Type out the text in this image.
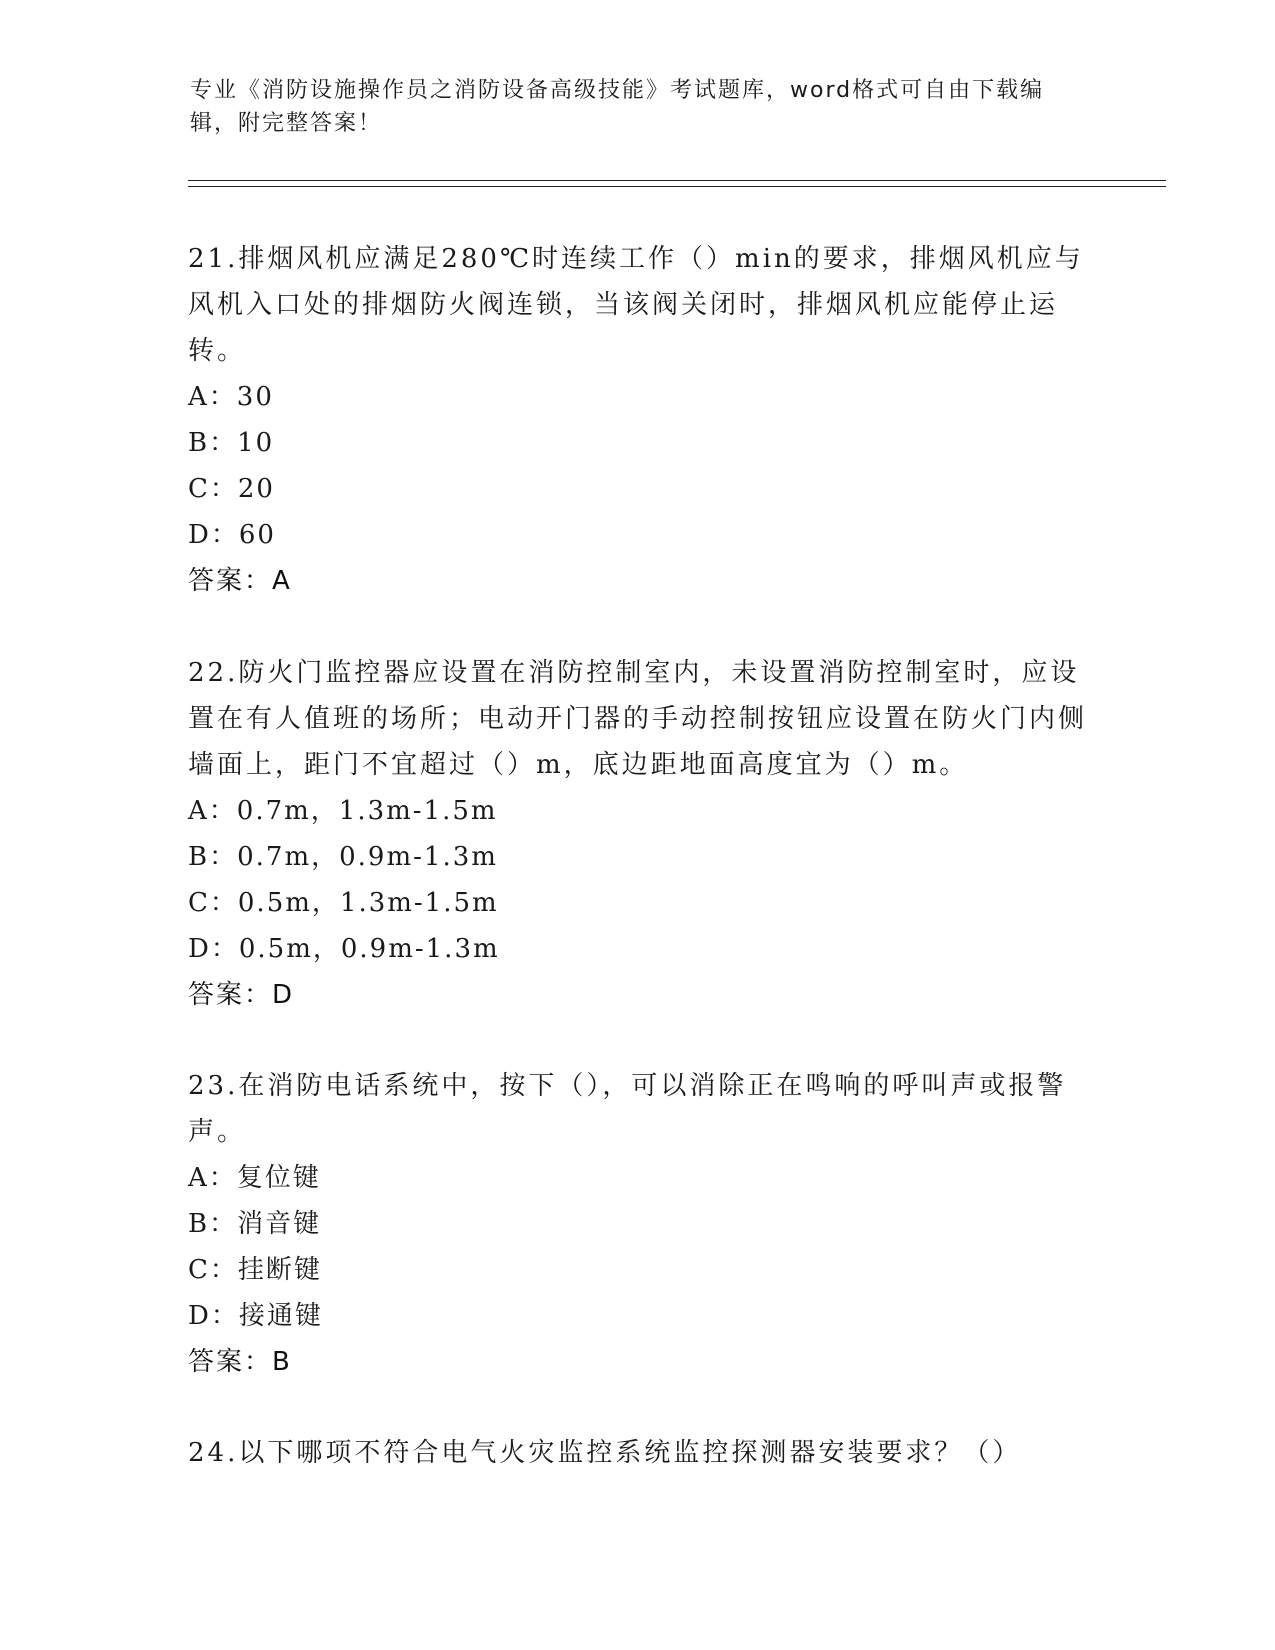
专业《消防设施操作员之消防设备高级技能》考试题库，word格式可自由下载编辑，附完整答案！
21.排烟风机应满足280℃时连续工作（）min的要求，排烟风机应与风机入口处的排烟防火阀连锁，当该阀关闭时，排烟风机应能停止运转。
A：30
B：10
C：20
D：60
答案：A
22.防火门监控器应设置在消防控制室内，未设置消防控制室时，应设置在有人值班的场所；电动开门器的手动控制按钮应设置在防火门内侧墙面上，距门不宜超过（）m，底边距地面高度宜为（）m。
A：0.7m，1.3m-1.5m
B：0.7m，0.9m-1.3m
C：0.5m，1.3m-1.5m
D：0.5m，0.9m-1.3m
答案：D
23.在消防电话系统中，按下（），可以消除正在鸣响的呼叫声或报警声。
A：复位键
B：消音键
C：挂断键
D：接通键
答案：B
24.以下哪项不符合电气火灾监控系统监控探测器安装要求？（）
